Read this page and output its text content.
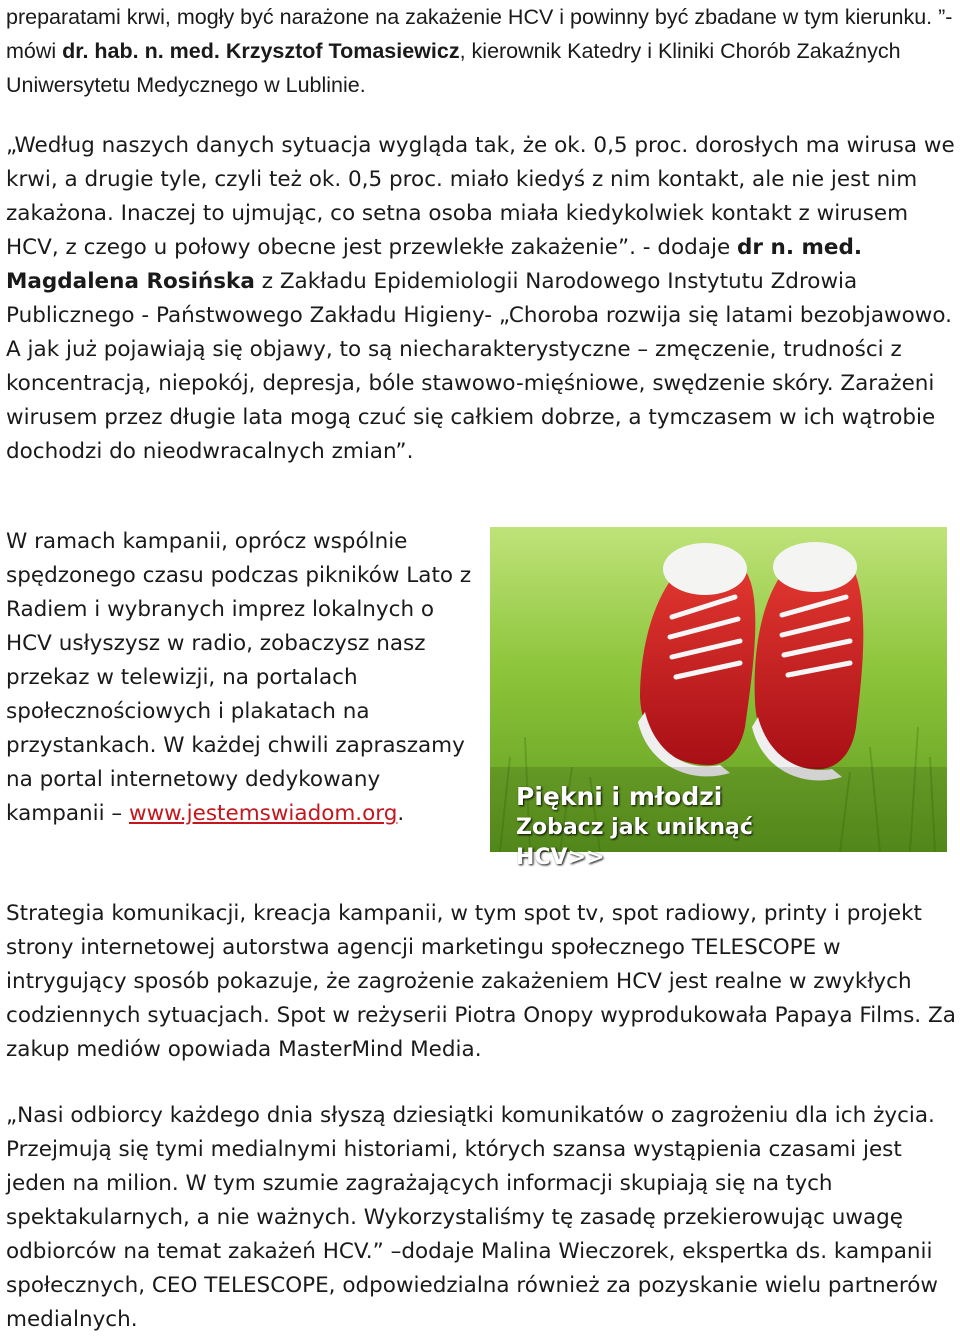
preparatami krwi, mogły być narażone na zakażenie HCV i powinny być zbadane w tym kierunku. ”- mówi dr. hab. n. med. Krzysztof Tomasiewicz, kierownik Katedry i Kliniki Chorób Zakaźnych Uniwersytetu Medycznego w Lublinie.

„Według naszych danych sytuacja wygląda tak, że ok. 0,5 proc. dorosłych ma wirusa we krwi, a drugie tyle, czyli też ok. 0,5 proc. miało kiedyś z nim kontakt, ale nie jest nim zakażona. Inaczej to ujmując, co setna osoba miała kiedykolwiek kontakt z wirusem HCV, z czego u połowy obecne jest przewlekłe zakażenie”. - dodaje dr n. med. Magdalena Rosińska z Zakładu Epidemiologii Narodowego Instytutu Zdrowia Publicznego - Państwowego Zakładu Higieny- „Choroba rozwija się latami bezobjawowo. A jak już pojawiają się objawy, to są niecharakterystyczne – zmęczenie, trudności z koncentracją, niepokój, depresja, bóle stawowo-mięśniowe, swędzenie skóry. Zarażeni wirusem przez długie lata mogą czuć się całkiem dobrze, a tymczasem w ich wątrobie dochodzi do nieodwracalnych zmian”.

W ramach kampanii, oprócz wspólnie spędzonego czasu podczas pikników Lato z Radiem i wybranych imprez lokalnych o HCV usłyszysz w radio, zobaczysz nasz przekaz w telewizji, na portalach społecznościowych i plakatach na przystankach. W każdej chwili zapraszamy na portal internetowy dedykowany kampanii – www.jestemswiadom.org.

Piękni i młodzi
Zobacz jak uniknąć HCV>>

Strategia komunikacji, kreacja kampanii, w tym spot tv, spot radiowy, printy i projekt strony internetowej autorstwa agencji marketingu społecznego TELESCOPE w intrygujący sposób pokazuje, że zagrożenie zakażeniem HCV jest realne w zwykłych codziennych sytuacjach. Spot w reżyserii Piotra Onopy wyprodukowała Papaya Films. Za zakup mediów opowiada MasterMind Media.

„Nasi odbiorcy każdego dnia słyszą dziesiątki komunikatów o zagrożeniu dla ich życia. Przejmują się tymi medialnymi historiami, których szansa wystąpienia czasami jest jeden na milion. W tym szumie zagrażających informacji skupiają się na tych spektakularnych, a nie ważnych. Wykorzystaliśmy tę zasadę przekierowując uwagę odbiorców na temat zakażeń HCV.” –dodaje Malina Wieczorek, ekspertka ds. kampanii społecznych, CEO TELESCOPE, odpowiedzialna również za pozyskanie wielu partnerów medialnych.
